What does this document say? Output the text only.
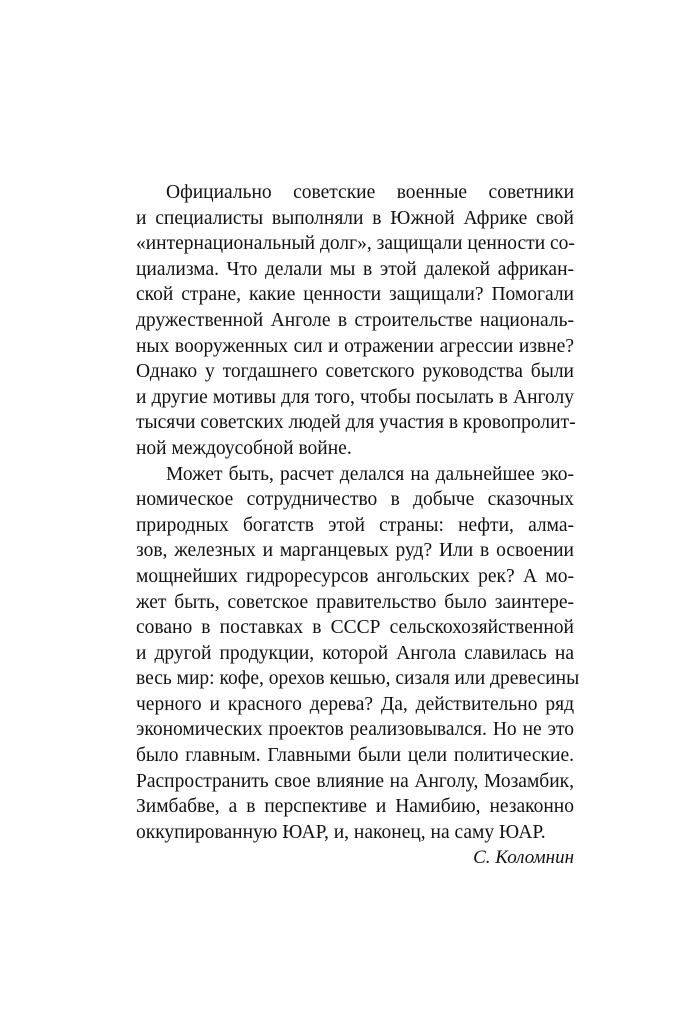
Официально советские военные советники
и специалисты выполняли в Южной Африке свой
«интернациональный долг», защищали ценности со-
циализма. Что делали мы в этой далекой африкан-
ской стране, какие ценности защищали? Помогали
дружественной Анголе в строительстве националь-
ных вооруженных сил и отражении агрессии извне?
Однако у тогдашнего советского руководства были
и другие мотивы для того, чтобы посылать в Анголу
тысячи советских людей для участия в кровопролит-
ной междоусобной войне.
Может быть, расчет делался на дальнейшее эко-
номическое сотрудничество в добыче сказочных
природных богатств этой страны: нефти, алма-
зов, железных и марганцевых руд? Или в освоении
мощнейших гидроресурсов ангольских рек? А мо-
жет быть, советское правительство было заинтере-
совано в поставках в СССР сельскохозяйственной
и другой продукции, которой Ангола славилась на
весь мир: кофе, орехов кешью, сизаля или древесины
черного и красного дерева? Да, действительно ряд
экономических проектов реализовывался. Но не это
было главным. Главными были цели политические.
Распространить свое влияние на Анголу, Мозамбик,
Зимбабве, а в перспективе и Намибию, незаконно
оккупированную ЮАР, и, наконец, на саму ЮАР.
С. Коломнин
